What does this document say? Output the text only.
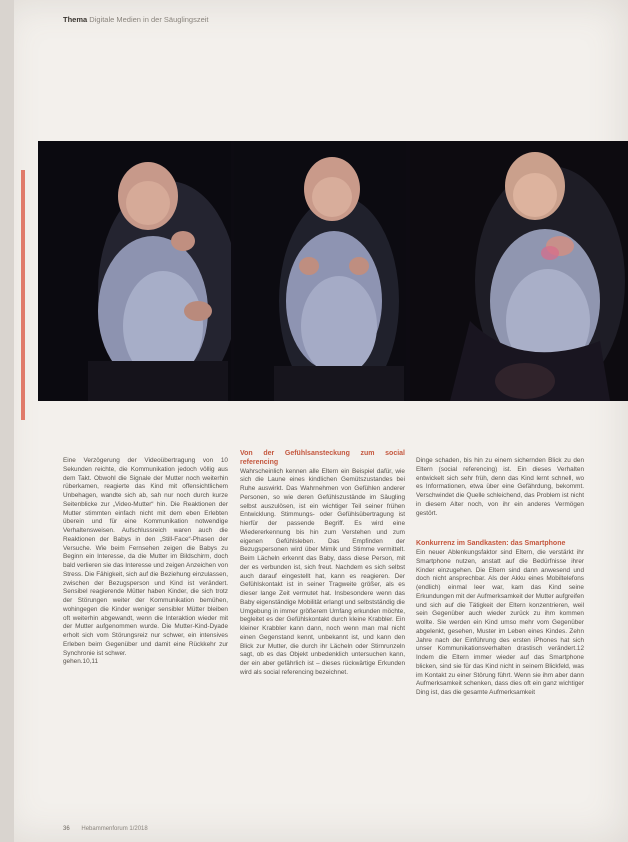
Thema Digitale Medien in der Säuglingszeit

Eine Verzögerung der Videoübertragung von 10 Sekunden reichte, die Kommunikation jedoch völlig aus dem Takt. Obwohl die Signale der Mutter noch weiterhin rüberkamen, reagierte das Kind mit offensichtlichem Unbehagen, wandte sich ab, sah nur noch durch kurze Seitenblicke zur „Video-Mutter“ hin. Die Reaktionen der Mutter stimmten einfach nicht mit dem eben Erlebten überein und für eine Kommunikation notwendige Verhaltensweisen. Aufschlussreich waren auch die Reaktionen der Babys in den „Still-Face“-Phasen der Versuche. Wie beim Fernsehen zeigen die Babys zu Beginn ein Interesse, da die Mutter im Bildschirm, doch bald verlieren sie das Interesse und zeigen Anzeichen von Stress. Die Fähigkeit, sich auf die Beziehung einzulassen, zwischen der Bezugsperson und Kind ist verändert. Sensibel reagierende Mütter haben Kinder, die sich trotz der Störungen weiter der Kommunikation bemühen, wohingegen die Kinder weniger sensibler Mütter bleiben oft weiterhin abgewandt, wenn die Interaktion wieder mit der Mutter aufgenommen wurde. Die Mutter-Kind-Dyade erholt sich vom Störungsreiz nur schwer, ein intensives Erleben beim Gegenüber und damit eine Rückkehr zur Synchronie ist schwer.

gehen.10,11

Von der Gefühlsansteckung zum social referencing

Wahrscheinlich kennen alle Eltern ein Beispiel dafür, wie sich die Laune eines kindlichen Gemütszustandes bei Ruhe auswirkt. Das Wahrnehmen von Gefühlen anderer Personen, so wie deren Gefühlszustände im Säugling selbst auszulösen, ist ein wichtiger Teil seiner frühen Entwicklung. Stimmungs- oder Gefühlsübertragung ist hierfür der passende Begriff. Es wird eine Wiedererkennung bis hin zum Verstehen und zum eigenen Gefühlsleben. Das Empfinden der Bezugspersonen wird über Mimik und Stimme vermittelt. Beim Lächeln erkennt das Baby, dass diese Person, mit der es verbunden ist, sich freut. Nachdem es sich selbst auch darauf eingestellt hat, kann es reagieren. Der Gefühlskontakt ist in seiner Tragweite größer, als es dieser lange Zeit vermutet hat. Insbesondere wenn das Baby eigenständige Mobilität erlangt und selbstständig die Umgebung in immer größerem Umfang erkunden möchte, begleitet es der Gefühlskontakt durch kleine Krabbler. Ein kleiner Krabbler kann dann, noch wenn man mal nicht einen Gegenstand kennt, unbekannt ist, und kann den Blick zur Mutter, die durch ihr Lächeln oder Stirnrunzeln sagt, ob es das Objekt unbedenklich untersuchen kann, der ein aber gefährlich ist – dieses rückwärtige Erkunden wird als social referencing bezeichnet.

Dinge schaden, bis hin zu einem sichernden Blick zu den Eltern (social referencing) ist. Ein dieses Verhalten entwickelt sich sehr früh, denn das Kind lernt schnell, wo es Informationen, etwa über eine Gefährdung, bekommt. Verschwindet die Quelle schleichend, das Problem ist nicht in diesem Alter noch, von ihr ein anderes Vermögen gestört.

Konkurrenz im Sandkasten: das Smartphone

Ein neuer Ablenkungsfaktor sind Eltern, die verstärkt ihr Smartphone nutzen, anstatt auf die Bedürfnisse ihrer Kinder einzugehen. Die Eltern sind dann anwesend und doch nicht ansprechbar. Als der Akku eines Mobiltelefons (endlich) einmal leer war, kam das Kind seine Erkundungen mit der Aufmerksamkeit der Mutter aufgreifen und sich auf die Tätigkeit der Eltern konzentrieren, weil sein Gegenüber auch wieder zurück zu ihm kommen wollte. Sie werden ein Kind umso mehr vom Gegenüber abgelenkt, gesehen, Muster im Leben eines Kindes. Zehn Jahre nach der Einführung des ersten iPhones hat sich unser Kommunikationsverhalten drastisch verändert.12 Indem die Eltern immer wieder auf das Smartphone blicken, sind sie für das Kind nicht in seinem Blickfeld, was im Kontakt zu einer Störung führt. Wenn sie ihm aber dann Aufmerksamkeit schenken, dass dies oft ein ganz wichtiger Ding ist, das die gesamte Aufmerksamkeit

36 Hebammenforum 1/2018
